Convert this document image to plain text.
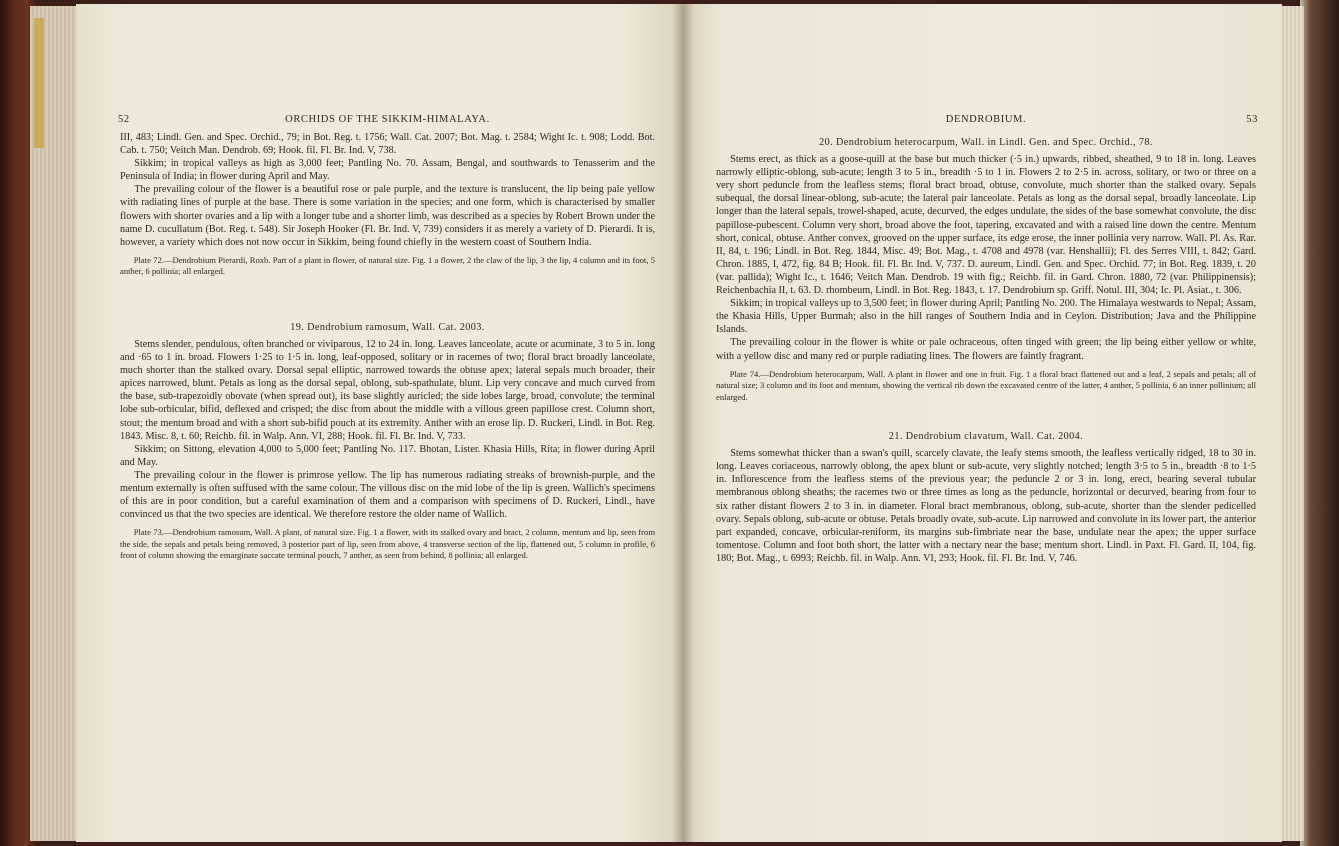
52	ORCHIDS OF THE SIKKIM-HIMALAYA.

III, 483; Lindl. Gen. and Spec. Orchid., 79; in Bot. Reg. t. 1756; Wall. Cat. 2007; Bot. Mag. t. 2584; Wight Ic. t. 908; Lodd. Bot. Cab. t. 750; Veitch Man. Dendrob. 69; Hook. fil. Fl. Br. Ind. V, 738.

Sikkim; in tropical valleys as high as 3,000 feet; Pantling No. 70. Assam, Bengal, and southwards to Tenasserim and the Peninsula of India; in flower during April and May.

The prevailing colour of the flower is a beautiful rose or pale purple, and the texture is translucent, the lip being pale yellow with radiating lines of purple at the base. There is some variation in the species; and one form, which is characterised by smaller flowers with shorter ovaries and a lip with a longer tube and a shorter limb, was described as a species by Robert Brown under the name D. cucullatum (Bot. Reg. t. 548). Sir Joseph Hooker (Fl. Br. Ind. V, 739) considers it as merely a variety of D. Pierardi. It is, however, a variety which does not now occur in Sikkim, being found chiefly in the western coast of Southern India.

Plate 72.—Dendrobium Pierardi, Roxb. Part of a plant in flower, of natural size. Fig. 1 a flower, 2 the claw of the lip, 3 the lip, 4 column and its foot, 5 anther, 6 pollinia; all enlarged.

19. Dendrobium ramosum, Wall. Cat. 2003.

Stems slender, pendulous, often branched or viviparous, 12 to 24 in. long. Leaves lanceolate, acute or acuminate, 3 to 5 in. long and ·65 to 1 in. broad. Flowers 1·25 to 1·5 in. long, leaf-opposed, solitary or in racemes of two; floral bract broadly lanceolate, much shorter than the stalked ovary. Dorsal sepal elliptic, narrowed towards the obtuse apex; lateral sepals much broader, their apices narrowed, blunt. Petals as long as the dorsal sepal, oblong, sub-spathulate, blunt. Lip very concave and much curved from the base, sub-trapezoidly obovate (when spread out), its base slightly auricled; the side lobes large, broad, convolute; the terminal lobe sub-orbicular, bifid, deflexed and crisped; the disc from about the middle with a villous green papillose crest. Column short, stout; the mentum broad and with a short sub-bifid pouch at its extremity. Anther with an erose lip. D. Ruckeri, Lindl. in Bot. Reg. 1843. Misc. 8, t. 60; Reichb. fil. in Walp. Ann. VI, 288; Hook. fil. Fl. Br. Ind. V, 733.

Sikkim; on Sittong, elevation 4,000 to 5,000 feet; Pantling No. 117. Bhotan, Lister. Khasia Hills, Rita; in flower during April and May.

The prevailing colour in the flower is primrose yellow. The lip has numerous radiating streaks of brownish-purple, and the mentum externally is often suffused with the same colour. The villous disc on the mid lobe of the lip is green. Wallich's specimens of this are in poor condition, but a careful examination of them and a comparison with specimens of D. Ruckeri, Lindl., have convinced us that the two species are identical. We therefore restore the older name of Wallich.

Plate 73.—Dendrobium ramosum, Wall. A plant, of natural size. Fig. 1 a flower, with its stalked ovary and bract, 2 column, mentum and lip, seen from the side, the sepals and petals being removed, 3 posterior part of lip, seen from above, 4 transverse section of the lip, flattened out, 5 column in profile, 6 front of column showing the emarginate saccate terminal pouch, 7 anther, as seen from behind, 8 pollinia; all enlarged.

DENDROBIUM.	53

20. Dendrobium heterocarpum, Wall. in Lindl. Gen. and Spec. Orchid., 78.

Stems erect, as thick as a goose-quill at the base but much thicker (·5 in.) upwards, ribbed, sheathed, 9 to 18 in. long. Leaves narrowly elliptic-oblong, sub-acute; length 3 to 5 in., breadth ·5 to 1 in. Flowers 2 to 2·5 in. across, solitary, or two or three on a very short peduncle from the leafless stems; floral bract broad, obtuse, convolute, much shorter than the stalked ovary. Sepals subequal, the dorsal linear-oblong, sub-acute; the lateral pair lanceolate. Petals as long as the dorsal sepal, broadly lanceolate. Lip longer than the lateral sepals, trowel-shaped, acute, decurved, the edges undulate, the sides of the base somewhat convolute, the disc papillose-pubescent. Column very short, broad above the foot, tapering, excavated and with a raised line down the centre. Mentum short, conical, obtuse. Anther convex, grooved on the upper surface, its edge erose, the inner pollinia very narrow. Wall. Pl. As. Rar. II, 84, t. 196; Lindl. in Bot. Reg. 1844, Misc. 49; Bot. Mag., t. 4708 and 4978 (var. Henshallii); Fl. des Serres VIII, t. 842; Gard. Chron. 1885, I, 472, fig. 84 B; Hook. fil. Fl. Br. Ind. V, 737. D. aureum, Lindl. Gen. and Spec. Orchid. 77; in Bot. Reg. 1839, t. 20 (var. pallida); Wight Ic., t. 1646; Veitch Man. Dendrob. 19 with fig.; Reichb. fil. in Gard. Chron. 1880, 72 (var. Philippinensis); Reichenbachia II, t. 63. D. rhombeum, Lindl. in Bot. Reg. 1843, t. 17. Dendrobium sp. Griff. Notul. III, 304; Ic. Pl. Asiat., t. 306.

Sikkim; in tropical valleys up to 3,500 feet; in flower during April; Pantling No. 200. The Himalaya westwards to Nepal; Assam, the Khasia Hills, Upper Burmah; also in the hill ranges of Southern India and in Ceylon. Distribution; Java and the Philippine Islands.

The prevailing colour in the flower is white or pale ochraceous, often tinged with green; the lip being either yellow or white, with a yellow disc and many red or purple radiating lines. The flowers are faintly fragrant.

Plate 74.—Dendrobium heterocarpum, Wall. A plant in flower and one in fruit. Fig. 1 a floral bract flattened out and a leaf, 2 sepals and petals; all of natural size; 3 column and its foot and mentum, showing the vertical rib down the excavated centre of the latter, 4 anther, 5 pollinia, 6 an inner pollinium; all enlarged.

21. Dendrobium clavatum, Wall. Cat. 2004.

Stems somewhat thicker than a swan's quill, scarcely clavate, the leafy stems smooth, the leafless vertically ridged, 18 to 30 in. long. Leaves coriaceous, narrowly oblong, the apex blunt or sub-acute, very slightly notched; length 3·5 to 5 in., breadth ·8 to 1·5 in. Inflorescence from the leafless stems of the previous year; the peduncle 2 or 3 in. long, erect, bearing several tubular membranous oblong sheaths; the racemes two or three times as long as the peduncle, horizontal or decurved, bearing from four to six rather distant flowers 2 to 3 in. in diameter. Floral bract membranous, oblong, sub-acute, shorter than the slender pedicelled ovary. Sepals oblong, sub-acute or obtuse. Petals broadly ovate, sub-acute. Lip narrowed and convolute in its lower part, the anterior part expanded, concave, orbicular-reniform, its margins sub-fimbriate near the base, undulate near the apex; the upper surface tomentose. Column and foot both short, the latter with a nectary near the base; mentum short. Lindl. in Paxt. Fl. Gard. II, 104, fig. 180; Bot. Mag., t. 6993; Reichb. fil. in Walp. Ann. VI, 293; Hook. fil. Fl. Br. Ind. V, 746.
